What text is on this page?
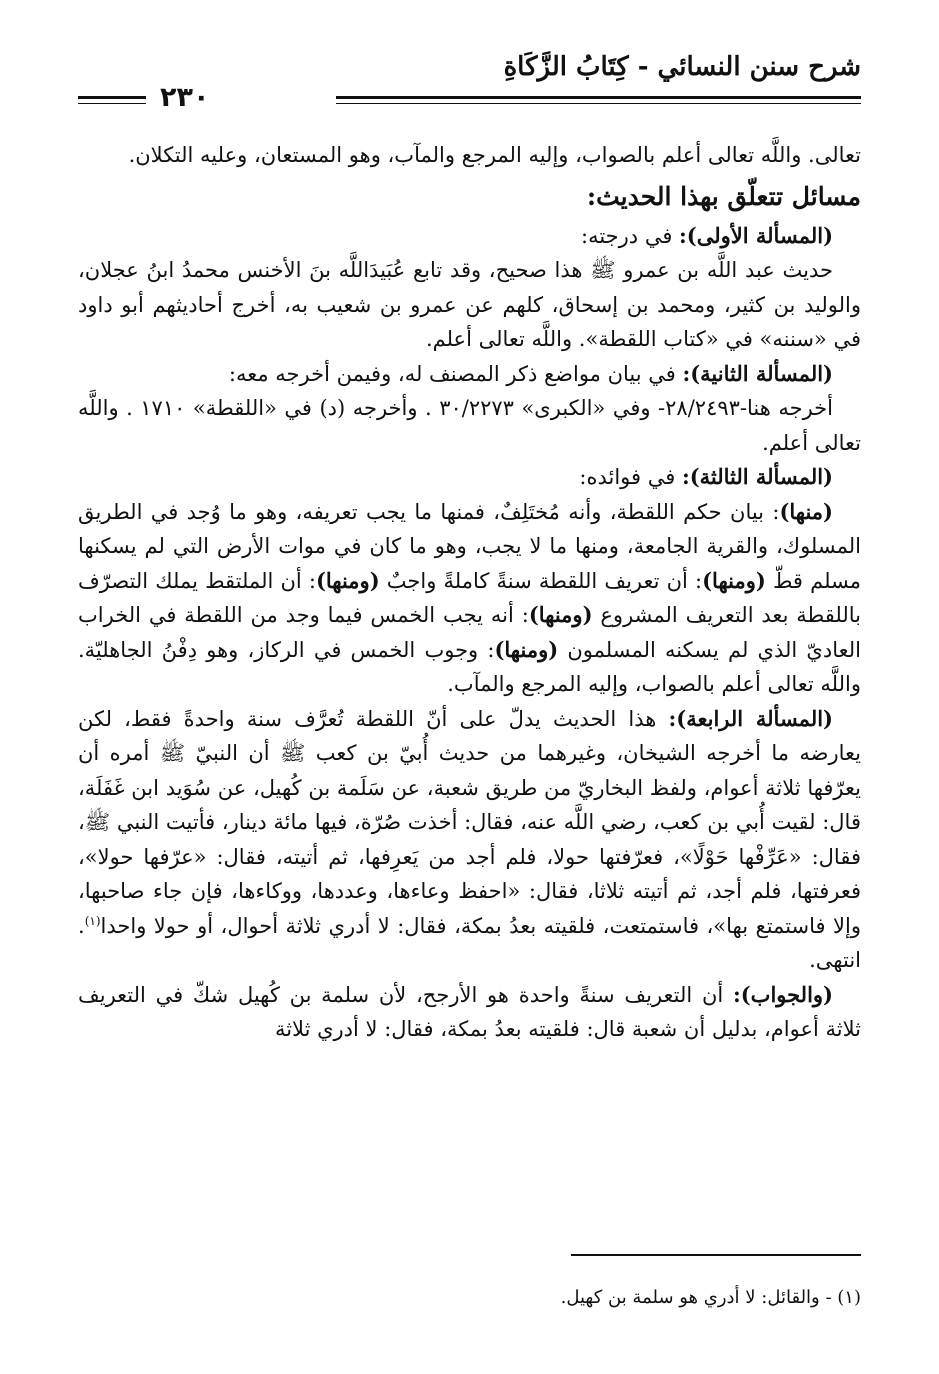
شرح سنن النسائي - كِتَابُ الزَّكَاةِ
٢٣٠

تعالى. واللَّه تعالى أعلم بالصواب، وإليه المرجع والمآب، وهو المستعان، وعليه التكلان.

مسائل تتعلّق بهذا الحديث:

(المسألة الأولى): في درجته:

حديث عبد اللَّه بن عمرو ﷺ هذا صحيح، وقد تابع عُبَيدَاللَّه بنَ الأخنس محمدُ ابنُ عجلان، والوليد بن كثير، ومحمد بن إسحاق، كلهم عن عمرو بن شعيب به، أخرج أحاديثهم أبو داود في «سننه» في «كتاب اللقطة». واللَّه تعالى أعلم.

(المسألة الثانية): في بيان مواضع ذكر المصنف له، وفيمن أخرجه معه:

أخرجه هنا-٢٨/٢٤٩٣- وفي «الكبرى» ٣٠/٢٢٧٣ . وأخرجه (د) في «اللقطة» ١٧١٠ . واللَّه تعالى أعلم.

(المسألة الثالثة): في فوائده:

(منها): بيان حكم اللقطة، وأنه مُختَلِفٌ، فمنها ما يجب تعريفه، وهو ما وُجد في الطريق المسلوك، والقرية الجامعة، ومنها ما لا يجب، وهو ما كان في موات الأرض التي لم يسكنها مسلم قطّ (ومنها): أن تعريف اللقطة سنةً كاملةً واجبٌ (ومنها): أن الملتقط يملك التصرّف باللقطة بعد التعريف المشروع (ومنها): أنه يجب الخمس فيما وجد من اللقطة في الخراب العاديّ الذي لم يسكنه المسلمون (ومنها): وجوب الخمس في الركاز، وهو دِفْنُ الجاهليّة. واللَّه تعالى أعلم بالصواب، وإليه المرجع والمآب.

(المسألة الرابعة): هذا الحديث يدلّ على أنّ اللقطة تُعرَّف سنة واحدةً فقط، لكن يعارضه ما أخرجه الشيخان، وغيرهما من حديث أُبيّ بن كعب ﷺ أن النبيّ ﷺ أمره أن يعرّفها ثلاثة أعوام، ولفظ البخاريّ من طريق شعبة، عن سَلَمة بن كُهيل، عن سُوَيد ابن غَفَلَة، قال: لقيت أُبي بن كعب، رضي اللَّه عنه، فقال: أخذت صُرّة، فيها مائة دينار، فأتيت النبي ﷺ، فقال: «عَرِّفْها حَوْلًا»، فعرّفتها حولا، فلم أجد من يَعرِفها، ثم أتيته، فقال: «عرّفها حولا»، فعرفتها، فلم أجد، ثم أتيته ثلاثا، فقال: «احفظ وعاءها، وعددها، ووكاءها، فإن جاء صاحبها، وإلا فاستمتع بها»، فاستمتعت، فلقيته بعدُ بمكة، فقال: لا أدري ثلاثة أحوال، أو حولا واحدا$^{(١)}$. انتهى.

(والجواب): أن التعريف سنةً واحدة هو الأرجح، لأن سلمة بن كُهيل شكّ في التعريف ثلاثة أعوام، بدليل أن شعبة قال: فلقيته بعدُ بمكة، فقال: لا أدري ثلاثة

(١) - والقائل: لا أدري هو سلمة بن كهيل.
